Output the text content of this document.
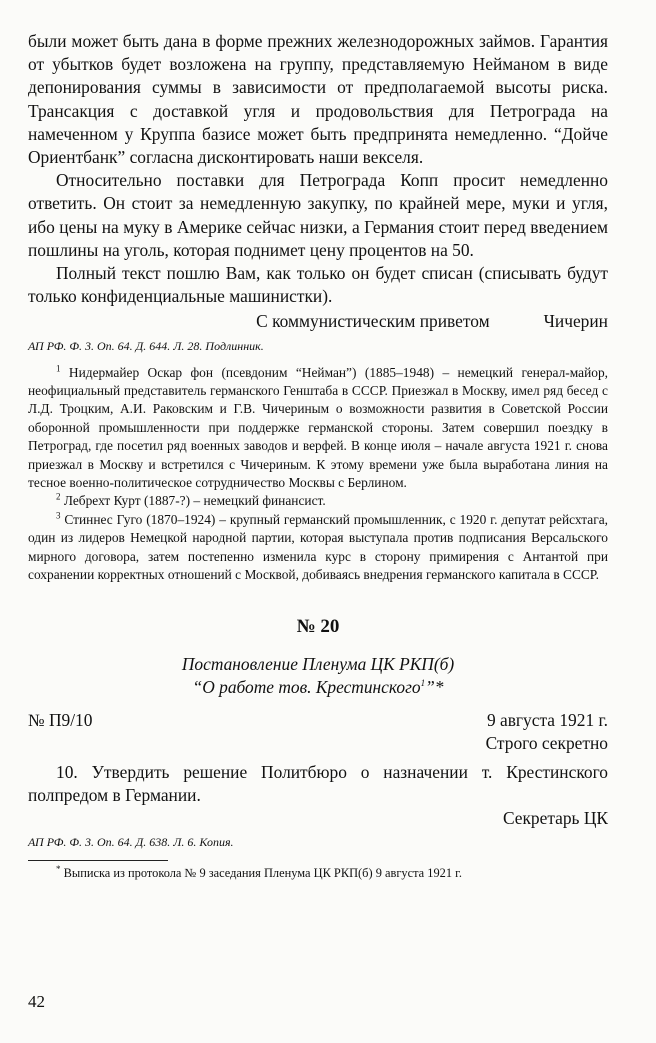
были может быть дана в форме прежних железнодорожных займов. Гарантия от убытков будет возложена на группу, представляемую Нейманом в виде депонирования суммы в зависимости от предполагаемой высоты риска. Трансакция с доставкой угля и продовольствия для Петрограда на намеченном у Круппа базисе может быть предпринята немедленно. “Дойче Ориентбанк” согласна дисконтировать наши векселя.

Относительно поставки для Петрограда Копп просит немедленно ответить. Он стоит за немедленную закупку, по крайней мере, муки и угля, ибо цены на муку в Америке сейчас низки, а Германия стоит перед введением пошлины на уголь, которая поднимет цену процентов на 50.

Полный текст пошлю Вам, как только он будет списан (списывать будут только конфиденциальные машинистки).

С коммунистическим приветом	Чичерин
АП РФ. Ф. 3. Оп. 64. Д. 644. Л. 28. Подлинник.

$^1$ Нидермайер Оскар фон (псевдоним “Нейман”) (1885–1948) – немецкий генерал-майор, неофициальный представитель германского Генштаба в СССР. Приезжал в Москву, имел ряд бесед с Л.Д. Троцким, А.И. Раковским и Г.В. Чичериным о возможности развития в Советской России оборонной промышленности при поддержке германской стороны. Затем совершил поездку в Петроград, где посетил ряд военных заводов и верфей. В конце июля – начале августа 1921 г. снова приезжал в Москву и встретился с Чичериным. К этому времени уже была выработана линия на тесное военно-политическое сотрудничество Москвы с Берлином.

$^2$ Лебрехт Курт (1887-?) – немецкий финансист.

$^3$ Стиннес Гуго (1870–1924) – крупный германский промышленник, с 1920 г. депутат рейсхтага, один из лидеров Немецкой народной партии, которая выступала против подписания Версальского мирного договора, затем постепенно изменила курс в сторону примирения с Антантой при сохранении корректных отношений с Москвой, добиваясь внедрения германского капитала в СССР.

№ 20
Постановление Пленума ЦК РКП(б)
“О работе тов. Крестинского$^1$”*
№ П9/10	9 августа 1921 г.
Строго секретно

10. Утвердить решение Политбюро о назначении т. Крестинского полпредом в Германии.

Секретарь ЦК
АП РФ. Ф. 3. Оп. 64. Д. 638. Л. 6. Копия.
* Выписка из протокола № 9 заседания Пленума ЦК РКП(б) 9 августа 1921 г.
42
